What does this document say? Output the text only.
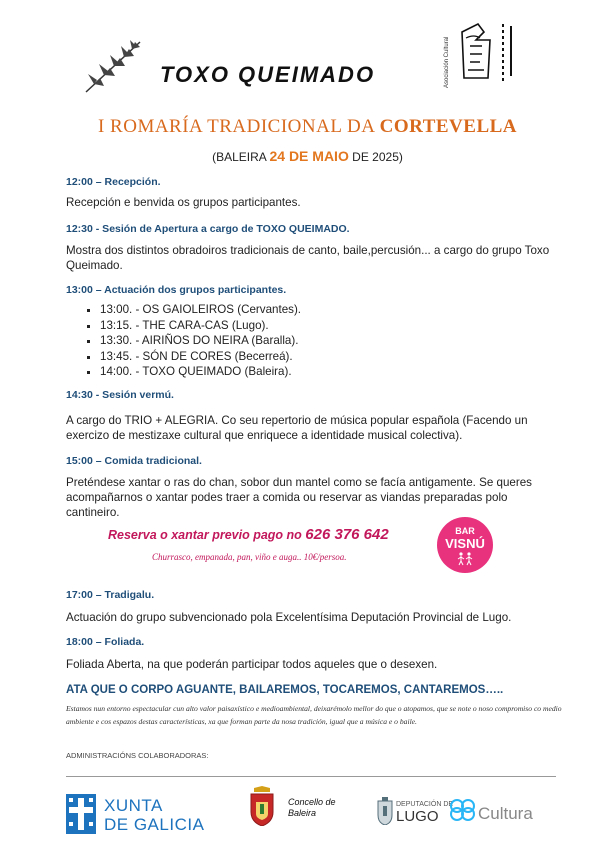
TOXO QUEIMADO	Asociación Cultural
I ROMARÍA TRADICIONAL DA CORTEVELLA
(BALEIRA 24 DE MAIO DE 2025)
12:00 – Recepción.
Recepción e benvida os grupos participantes.
12:30 - Sesión de Apertura a cargo de TOXO QUEIMADO.
Mostra dos distintos obradoiros tradicionais de canto, baile,percusión... a cargo do grupo Toxo Queimado.
13:00 – Actuación dos grupos participantes.
▪ 13:00. - OS GAIOLEIROS (Cervantes).
▪ 13:15. - THE CARA-CAS (Lugo).
▪ 13:30. - AIRIÑOS DO NEIRA (Baralla).
▪ 13:45. - SÓN DE CORES (Becerreá).
▪ 14:00. - TOXO QUEIMADO (Baleira).
14:30 - Sesión vermú.
A cargo do TRIO + ALEGRIA. Co seu repertorio de música popular española (Facendo un exercizo de mestizaxe cultural que enriquece a identidade musical colectiva).
15:00 – Comida tradicional.
Preténdese xantar o ras do chan, sobor dun mantel como se facía antigamente. Se queres acompañarnos o xantar podes traer a comida ou reservar as viandas preparadas polo cantineiro.
Reserva o xantar previo pago no 626 376 642
Churrasco, empanada, pan, viño e auga.. 10€/persoa.
BAR
VISNÚ
17:00 – Tradigalu.
Actuación do grupo subvencionado pola Excelentísima Deputación Provincial de Lugo.
18:00 – Foliada.
Foliada Aberta, na que poderán participar todos aqueles que o desexen.
ATA QUE O CORPO AGUANTE, BAILAREMOS, TOCAREMOS, CANTAREMOS…..
Estamos nun entorno espectacular cun alto valor paisaxístico e medioambiental, deixarémolo mellor do que o atopamos, que se note o noso compromiso co medio ambiente e cos espazos destas características, xa que forman parte da nosa tradición, igual que a música e o baile.
ADMINISTRACIÓNS COLABORADORAS:
XUNTA
DE GALICIA
Concello de
Baleira
DEPUTACIÓN DE
LUGO Cultura
